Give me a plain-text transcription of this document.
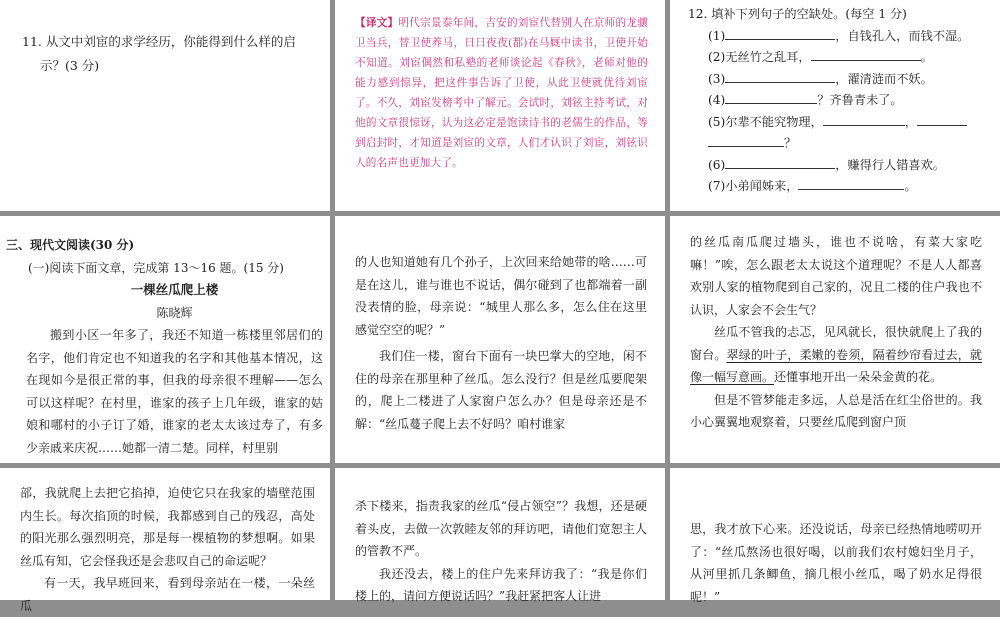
11. 从文中刘宦的求学经历，你能得到什么样的启
示？(3 分)
【译文】明代宗景泰年间，吉安的刘宦代替别人在京师的龙骧卫当兵，替卫使养马，日日夜夜(都)在马厩中读书，卫使开始不知道。刘宦偶然和私塾的老师谈论起《春秋》，老师对他的能力感到惊异，把这件事告诉了卫使，从此卫使就优待刘宦了。不久，刘宦发榜考中了解元。会试时，刘铉主持考试，对他的文章很惊讶，认为这必定是饱读诗书的老儒生的作品，等到启封时，才知道是刘宦的文章，人们才认识了刘宦，刘铉识人的名声也更加大了。
12. 填补下列句子的空缺处。(每空 1 分)
(1)	，自钱孔入，而钱不湿。
(2)无丝竹之乱耳，	。
(3)	，濯清涟而不妖。
(4)	？齐鲁青未了。
(5)尔辈不能究物理，	，
？
(6)	，赚得行人错喜欢。
(7)小弟闻姊来，	。
三、现代文阅读(30 分)
(一)阅读下面文章，完成第 13～16 题。(15 分)
一棵丝瓜爬上楼
陈晓辉
搬到小区一年多了，我还不知道一栋楼里邻居们的名字，他们肯定也不知道我的名字和其他基本情况，这在现如今是很正常的事，但我的母亲很不理解——怎么可以这样呢？在村里，谁家的孩子上几年级，谁家的姑娘和哪村的小子订了婚，谁家的老太太该过寿了，有多少亲戚来庆祝……她都一清二楚。同样，村里别
的人也知道她有几个孙子，上次回来给她带的啥……可是在这儿，谁与谁也不说话，偶尔碰到了也都端着一副没表情的脸，母亲说：“城里人那么多，怎么住在这里感觉空空的呢？”
我们住一楼，窗台下面有一块巴掌大的空地，闲不住的母亲在那里种了丝瓜。怎么没行？但是丝瓜要爬架的，爬上二楼进了人家窗户怎么办？但是母亲还是不解：“丝瓜蔓子爬上去不好吗？咱村谁家
的丝瓜南瓜爬过墙头，谁也不说啥，有菜大家吃嘛！”唉，怎么跟老太太说这个道理呢？不是人人都喜欢别人家的植物爬到自己家的，况且二楼的住户我也不认识，人家会不会生气？
丝瓜不管我的忐忑，见风就长，很快就爬上了我的窗台。翠绿的叶子，柔嫩的卷须，隔着纱帘看过去，就像一幅写意画。还懂事地开出一朵朵金黄的花。
但是不管梦能走多远，人总是活在红尘俗世的。我小心翼翼地观察着，只要丝瓜爬到窗户顶
部，我就爬上去把它掐掉，迫使它只在我家的墙壁范围内生长。每次掐顶的时候，我都感到自己的残忍，高处的阳光那么强烈明亮，那是每一棵植物的梦想啊。如果丝瓜有知，它会怪我还是会悲叹自己的命运呢？
有一天，我早班回来，看到母亲站在一楼，一朵丝瓜
杀下楼来，指责我家的丝瓜“侵占领空”？我想，还是硬着头皮，去做一次敦睦友邻的拜访吧，请他们宽恕主人的管教不严。
我还没去，楼上的住户先来拜访我了：“我是你们楼上的，请问方便说话吗？”我赶紧把客人让进
思，我才放下心来。还没说话，母亲已经热情地唠叨开了：“丝瓜熬汤也很好喝，以前我们农村媳妇坐月子，从河里抓几条鲫鱼，摘几根小丝瓜，喝了奶水足得很呢！”
